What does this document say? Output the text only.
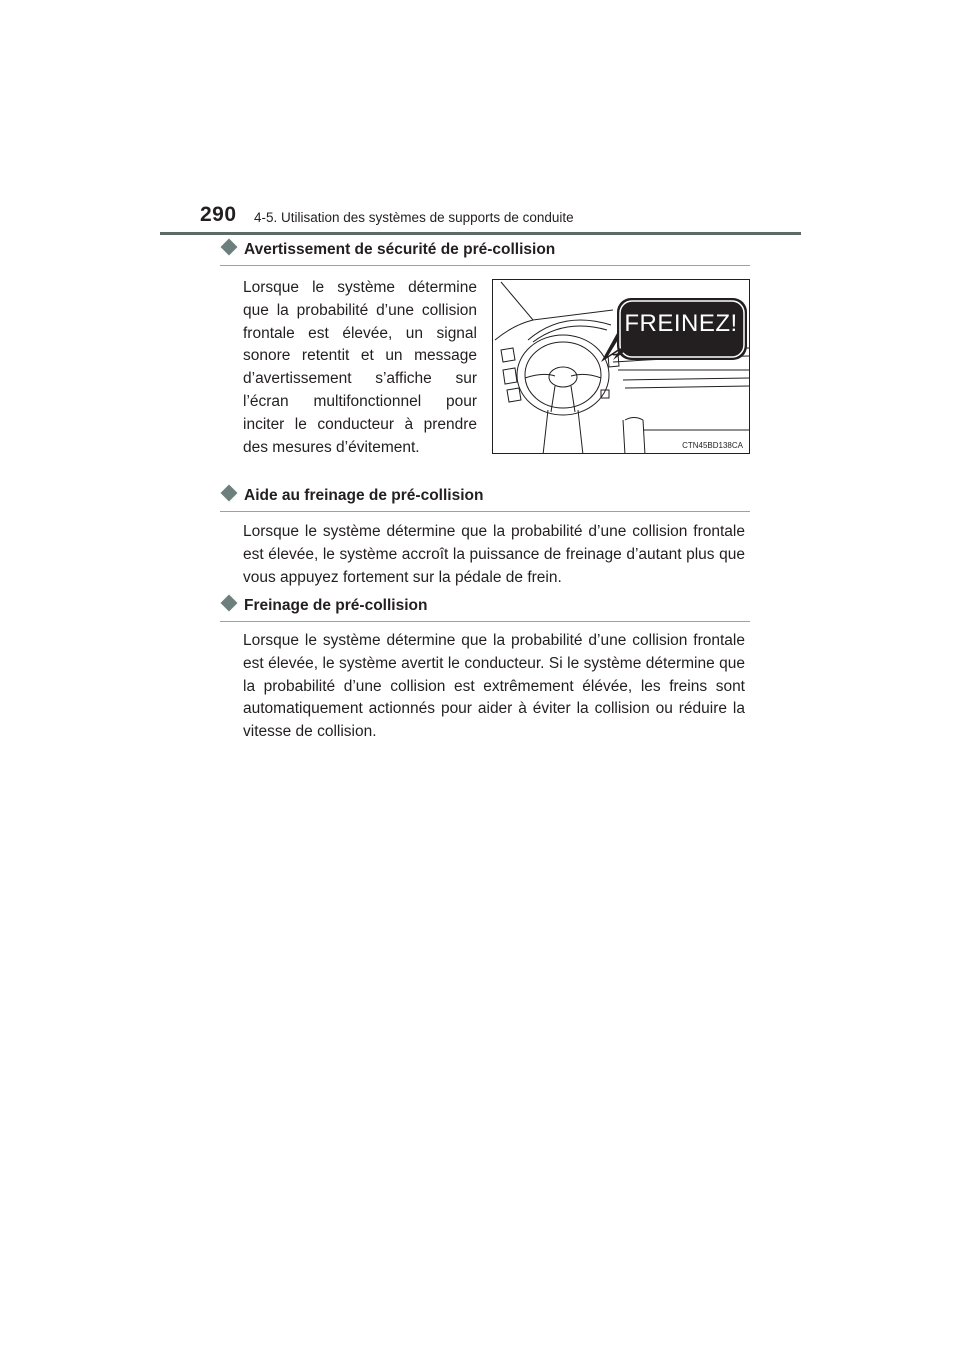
290 4-5. Utilisation des systèmes de supports de conduite
Avertissement de sécurité de pré-collision
Lorsque le système détermine que la probabilité d’une collision frontale est élevée, un signal sonore retentit et un message d’avertissement s’affiche sur l’écran multifonctionnel pour inciter le conducteur à prendre des mesures d’évitement.
FREINEZ!
CTN45BD138CA
Aide au freinage de pré-collision
Lorsque le système détermine que la probabilité d’une collision frontale est élevée, le système accroît la puissance de freinage d’autant plus que vous appuyez fortement sur la pédale de frein.
Freinage de pré-collision
Lorsque le système détermine que la probabilité d’une collision frontale est élevée, le système avertit le conducteur. Si le système détermine que la probabilité d’une collision est extrêmement élévée, les freins sont automatiquement actionnés pour aider à éviter la collision ou réduire la vitesse de collision.
